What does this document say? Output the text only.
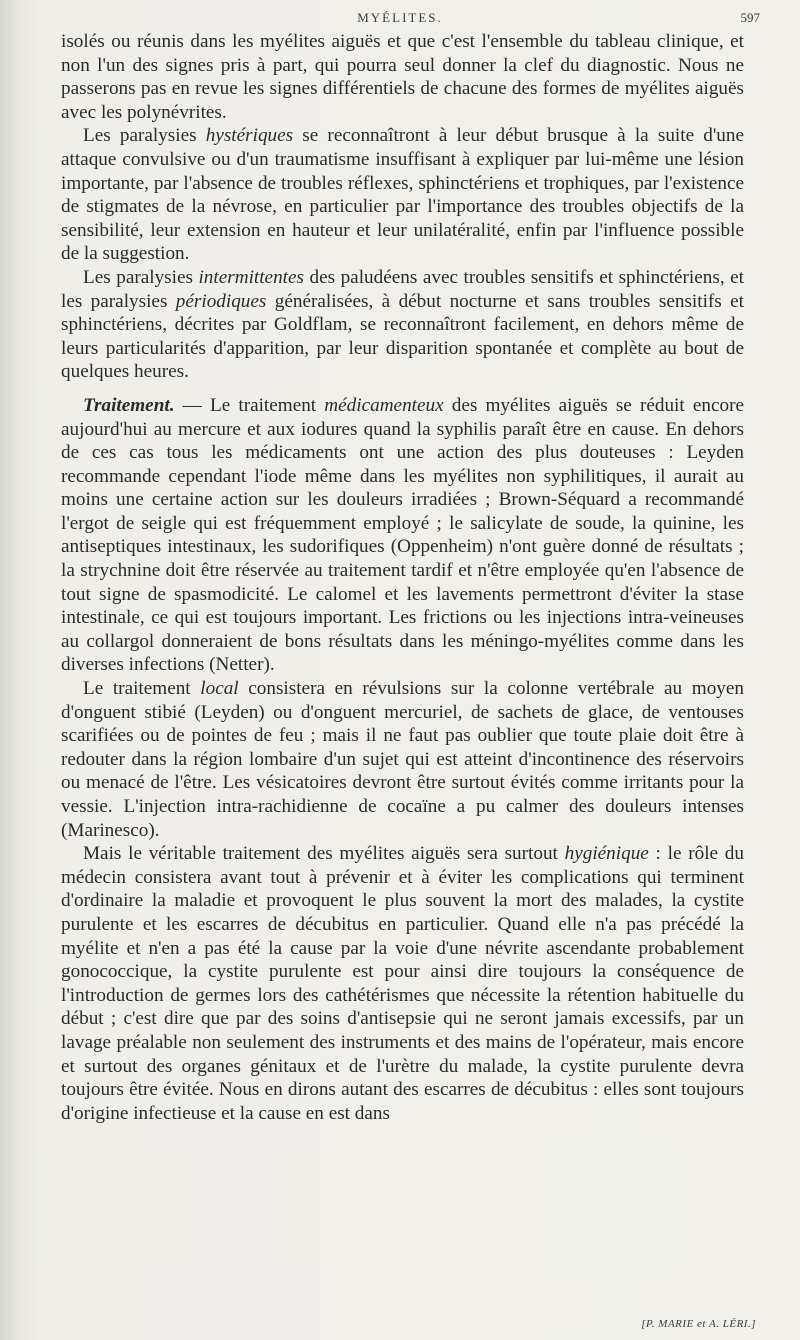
MYÉLITES.	597

isolés ou réunis dans les myélites aiguës et que c'est l'ensemble du tableau clinique, et non l'un des signes pris à part, qui pourra seul donner la clef du diagnostic. Nous ne passerons pas en revue les signes différentiels de chacune des formes de myélites aiguës avec les polynévrites.

Les paralysies hystériques se reconnaîtront à leur début brusque à la suite d'une attaque convulsive ou d'un traumatisme insuffisant à expliquer par lui-même une lésion importante, par l'absence de troubles réflexes, sphinctériens et trophiques, par l'existence de stigmates de la névrose, en particulier par l'importance des troubles objectifs de la sensibilité, leur extension en hauteur et leur unilatéralité, enfin par l'influence possible de la suggestion.

Les paralysies intermittentes des paludéens avec troubles sensitifs et sphinctériens, et les paralysies périodiques généralisées, à début nocturne et sans troubles sensitifs et sphinctériens, décrites par Goldflam, se reconnaîtront facilement, en dehors même de leurs particularités d'apparition, par leur disparition spontanée et complète au bout de quelques heures.

Traitement. — Le traitement médicamenteux des myélites aiguës se réduit encore aujourd'hui au mercure et aux iodures quand la syphilis paraît être en cause. En dehors de ces cas tous les médicaments ont une action des plus douteuses : Leyden recommande cependant l'iode même dans les myélites non syphilitiques, il aurait au moins une certaine action sur les douleurs irradiées ; Brown-Séquard a recommandé l'ergot de seigle qui est fréquemment employé ; le salicylate de soude, la quinine, les antiseptiques intestinaux, les sudorifiques (Oppenheim) n'ont guère donné de résultats ; la strychnine doit être réservée au traitement tardif et n'être employée qu'en l'absence de tout signe de spasmodicité. Le calomel et les lavements permettront d'éviter la stase intestinale, ce qui est toujours important. Les frictions ou les injections intra-veineuses au collargol donneraient de bons résultats dans les méningo-myélites comme dans les diverses infections (Netter).

Le traitement local consistera en révulsions sur la colonne vertébrale au moyen d'onguent stibié (Leyden) ou d'onguent mercuriel, de sachets de glace, de ventouses scarifiées ou de pointes de feu ; mais il ne faut pas oublier que toute plaie doit être à redouter dans la région lombaire d'un sujet qui est atteint d'incontinence des réservoirs ou menacé de l'être. Les vésicatoires devront être surtout évités comme irritants pour la vessie. L'injection intra-rachidienne de cocaïne a pu calmer des douleurs intenses (Marinesco).

Mais le véritable traitement des myélites aiguës sera surtout hygiénique : le rôle du médecin consistera avant tout à prévenir et à éviter les complications qui terminent d'ordinaire la maladie et provoquent le plus souvent la mort des malades, la cystite purulente et les escarres de décubitus en particulier. Quand elle n'a pas précédé la myélite et n'en a pas été la cause par la voie d'une névrite ascendante probablement gonococcique, la cystite purulente est pour ainsi dire toujours la conséquence de l'introduction de germes lors des cathétérismes que nécessite la rétention habituelle du début ; c'est dire que par des soins d'antisepsie qui ne seront jamais excessifs, par un lavage préalable non seulement des instruments et des mains de l'opérateur, mais encore et surtout des organes génitaux et de l'urètre du malade, la cystite purulente devra toujours être évitée. Nous en dirons autant des escarres de décubitus : elles sont toujours d'origine infectieuse et la cause en est dans

[P. MARIE et A. LÉRI.]
